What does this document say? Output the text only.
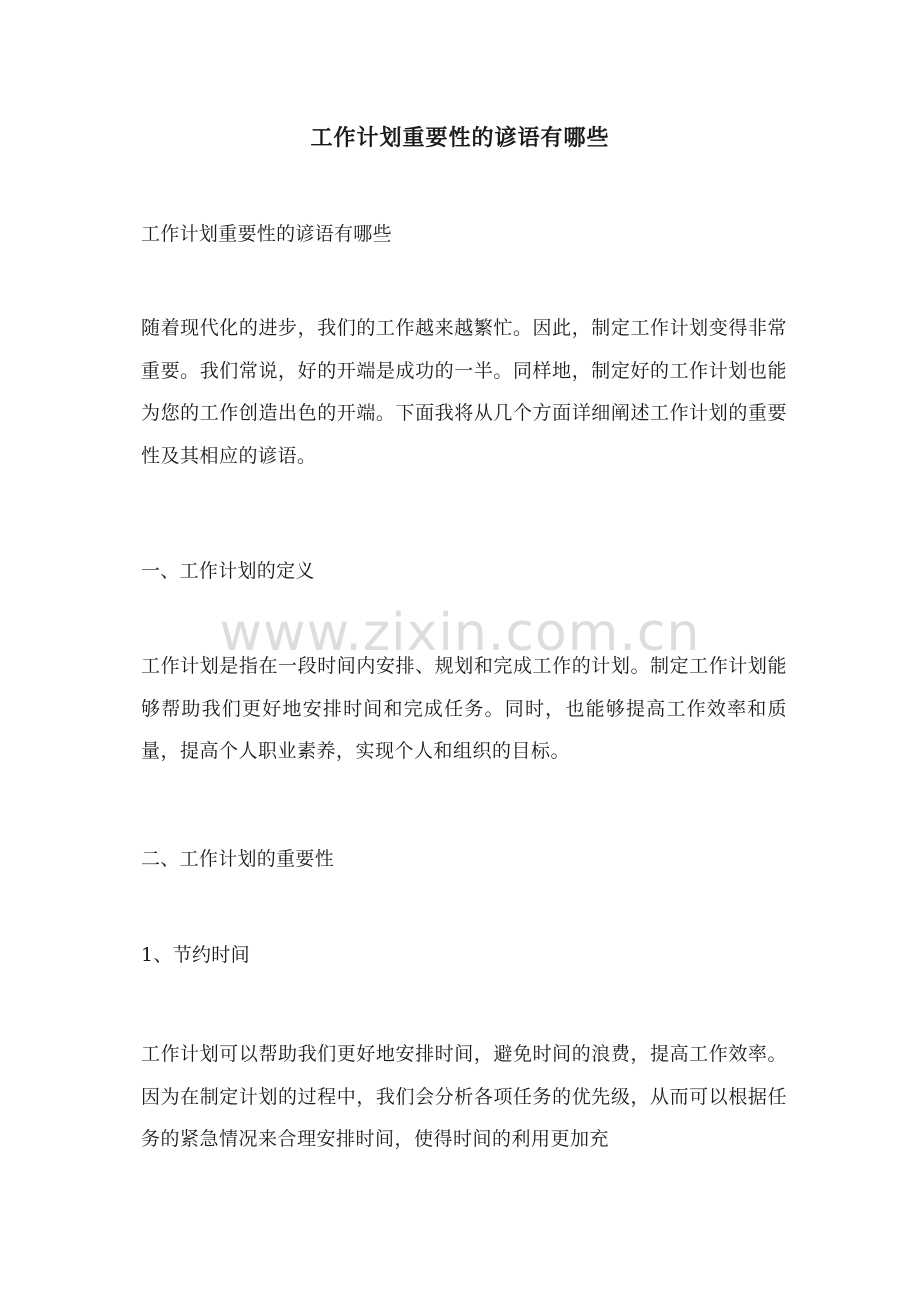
工作计划重要性的谚语有哪些
工作计划重要性的谚语有哪些
随着现代化的进步，我们的工作越来越繁忙。因此，制定工作计划变得非常重要。我们常说，好的开端是成功的一半。同样地，制定好的工作计划也能为您的工作创造出色的开端。下面我将从几个方面详细阐述工作计划的重要性及其相应的谚语。
一、工作计划的定义
工作计划是指在一段时间内安排、规划和完成工作的计划。制定工作计划能够帮助我们更好地安排时间和完成任务。同时，也能够提高工作效率和质量，提高个人职业素养，实现个人和组织的目标。
二、工作计划的重要性
1、节约时间
工作计划可以帮助我们更好地安排时间，避免时间的浪费，提高工作效率。因为在制定计划的过程中，我们会分析各项任务的优先级，从而可以根据任务的紧急情况来合理安排时间，使得时间的利用更加充
www.zixin.com.cn
